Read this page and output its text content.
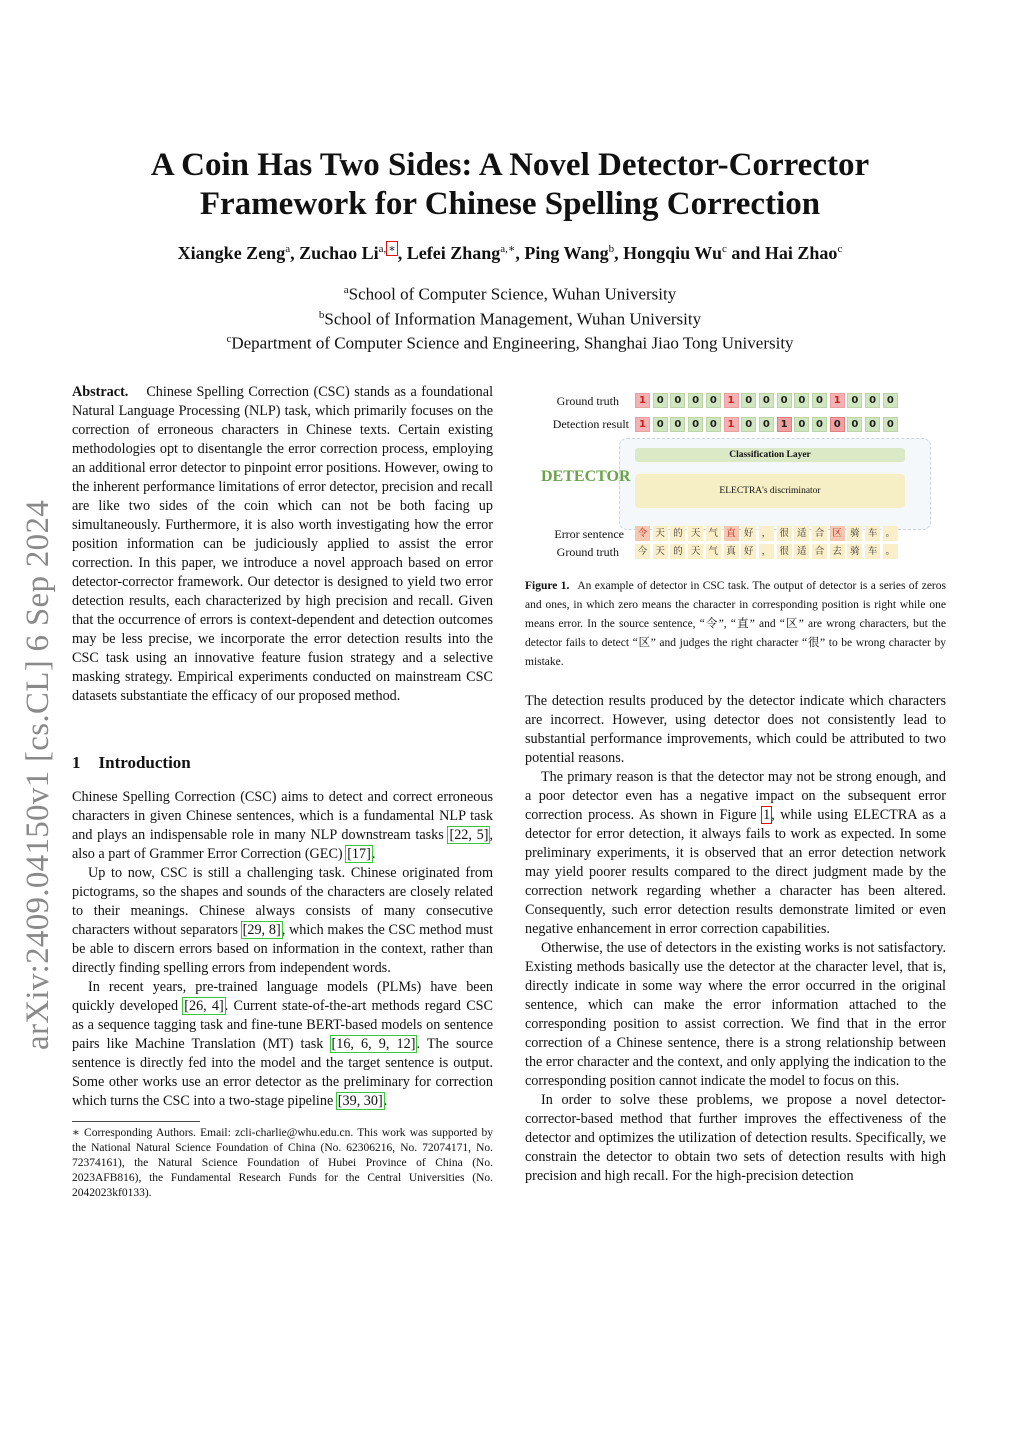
arXiv:2409.04150v1 [cs.CL] 6 Sep 2024
A Coin Has Two Sides: A Novel Detector-Corrector
Framework for Chinese Spelling Correction
Xiangke Zeng$^a$, Zuchao $Li^{a,}$ ∗ , Lefei Zhang$^{a,∗}$, Ping Wang$^b$, Hongqiu Wu$^c$ and Hai Zhao$^c$
$^a$School of Computer Science, Wuhan University
$^b$School of Information Management, Wuhan University
$^c$Department of Computer Science and Engineering, Shanghai Jiao Tong University

Abstract. Chinese Spelling Correction (CSC) stands as a foundational Natural Language Processing (NLP) task, which primarily focuses on the correction of erroneous characters in Chinese texts. Certain existing methodologies opt to disentangle the error correction process, employing an additional error detector to pinpoint error positions. However, owing to the inherent performance limitations of error detector, precision and recall are like two sides of the coin which can not be both facing up simultaneously. Furthermore, it is also worth investigating how the error position information can be judiciously applied to assist the error correction. In this paper, we introduce a novel approach based on error detector-corrector framework. Our detector is designed to yield two error detection results, each characterized by high precision and recall. Given that the occurrence of errors is context-dependent and detection outcomes may be less precise, we incorporate the error detection results into the CSC task using an innovative feature fusion strategy and a selective masking strategy. Empirical experiments conducted on mainstream CSC datasets substantiate the efficacy of our proposed method.

1 Introduction

Chinese Spelling Correction (CSC) aims to detect and correct erroneous characters in given Chinese sentences, which is a fundamental NLP task and plays an indispensable role in many NLP downstream tasks [22, 5], also a part of Grammer Error Correction (GEC) [17].

Up to now, CSC is still a challenging task. Chinese originated from pictograms, so the shapes and sounds of the characters are closely related to their meanings. Chinese always consists of many consecutive characters without separators [29, 8], which makes the CSC method must be able to discern errors based on information in the context, rather than directly finding spelling errors from independent words.

In recent years, pre-trained language models (PLMs) have been quickly developed [26, 4]. Current state-of-the-art methods regard CSC as a sequence tagging task and fine-tune BERT-based models on sentence pairs like Machine Translation (MT) task [16, 6, 9, 12]. The source sentence is directly fed into the model and the target sentence is output. Some other works use an error detector as the preliminary for correction which turns the CSC into a two-stage pipeline [39, 30].

∗ Corresponding Authors. Email: zcli-charlie@whu.edu.cn. This work was supported by the National Natural Science Foundation of China (No. 62306216, No. 72074171, No. 72374161), the Natural Science Foundation of Hubei Province of China (No. 2023AFB816), the Fundamental Research Funds for the Central Universities (No. 2042023kf0133).
Ground truth
Detection result
DETECTOR
Classification Layer
ELECTRA's discriminator
Error sentence
Ground truth
1	0	0	0	0	1	0	0	0	0	0	1	0	0	0
1	0	0	0	0	1	0	0	1	0	0	0	0	0	0
令 天 的 天 气 直 好 ， 很 适 合 区 骑 车 。
今 天 的 天 气 真 好 ， 很 适 合 去 骑 车 。
Figure 1. An example of detector in CSC task. The output of detector is a series of zeros and ones, in which zero means the character in corresponding position is right while one means error. In the source sentence, “令”, “直” and “区” are wrong characters, but the detector fails to detect “区” and judges the right character “很” to be wrong character by mistake.

The detection results produced by the detector indicate which characters are incorrect. However, using detector does not consistently lead to substantial performance improvements, which could be attributed to two potential reasons.

The primary reason is that the detector may not be strong enough, and a poor detector even has a negative impact on the subsequent error correction process. As shown in Figure 1, while using ELECTRA as a detector for error detection, it always fails to work as expected. In some preliminary experiments, it is observed that an error detection network may yield poorer results compared to the direct judgment made by the correction network regarding whether a character has been altered. Consequently, such error detection results demonstrate limited or even negative enhancement in error correction capabilities.

Otherwise, the use of detectors in the existing works is not satisfactory. Existing methods basically use the detector at the character level, that is, directly indicate in some way where the error occurred in the original sentence, which can make the error information attached to the corresponding position to assist correction. We find that in the error correction of a Chinese sentence, there is a strong relationship between the error character and the context, and only applying the indication to the corresponding position cannot indicate the model to focus on this.

In order to solve these problems, we propose a novel detector-corrector-based method that further improves the effectiveness of the detector and optimizes the utilization of detection results. Specifically, we constrain the detector to obtain two sets of detection results with high precision and high recall. For the high-precision detection
